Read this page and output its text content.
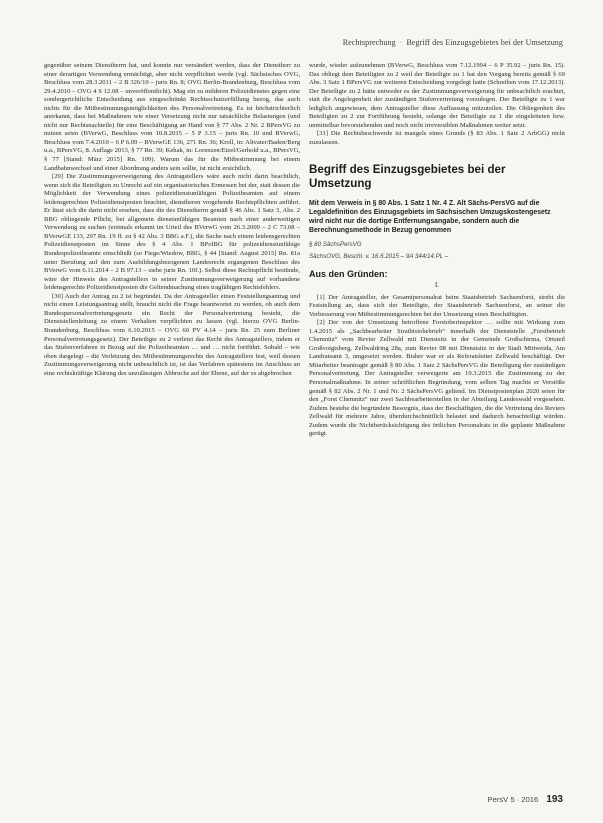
Rechtsprechung · Begriff des Einzugsgebietes bei der Umsetzung

gegenüber seinem Dienstherrn hat, und konnte nur versändert werden, dass der Dienstherr zu einer derartigen Verwendung ermächtigt, aber nicht verpflichtet werde (vgl. Sächsisches OVG, Beschluss vom 28.3.2011 – 2 B 326/10 – juris Rn. 8; OVG Berlin-Brandenburg, Beschluss vom 29.4.2010 – OVG 4 S 12.08 – unveröffentlicht). Mag ein zu milderen Polizeidienstes gegen eine sondergerichtliche Entscheidung aus eingeschränkt Rechtsschutzerfüllung bezog, das auch nichts für die Mitbestimmungsmöglichkeiten des Personalvertretung. Es ist höchstrichterlich anerkannt, dass bei Maßnahmen wie einer Versetzung nicht nur tatsächliche Belastungen (und nicht nur Rechtsnachteile) für eine Beschäftigung an Hand von § 77 Abs. 2 Nr. 2 BPersVG zu nutzen seien (BVerwG, Beschluss vom 10.8.2015 – 5 P 3.15 – juris Rn. 10 und BVerwG, Beschluss vom 7.4.2010 – 6 P 6.09 – BVerwGE 136, 271 Rn. 36; Kroll, in: Altvater/Baden/Berg u.a., BPersVG, 8. Auflage 2013, § 77 Rn. 39; Kehak, in: Lorenzen/Etzel/Gerhold u.a., BPersVG, § 77 [Stand: März 2015] Rn. 109). Warum das für die Mitbestimmung bei einem Landbahnwechsel und einer Abordnung anders sein sollte, ist nicht ersichtlich.

[29] Die Zustimmungsverweigerung des Antragstellers wäre auch nicht darin beachtlich, wenn sich die Beteiligten zu Unrecht auf ein organisatorisches Ermessen bei der, statt dessen die Möglichkeit der Verwendung eines polizeidienstunfähigen Polizeibeamten auf einem leidensgerechten Polizeidienstposten beachtet, dienstheren vorgebende Rechtspflichten anführt. Er lässt sich die darin nicht ersehen, dass die des Dienstherrn gemäß § 46 Abs. 1 Satz 3, Abs. 2 BBG obliegende Pflicht, bei allgemein dienstunfähigen Beamten nach einer anderweitigen Verwendung zu suchen (erstmals erkannt im Urteil des BVerwG vom 26.3.2009 – 2 C 73.08 – BVerwGE 133, 297 Rn. 19 ff. zu § 42 Abs. 3 BBG a.F.), die Suche nach einem leidensgerechten Polizeidienstposten im Sinne des § 4 Abs. 1 BPolBG für polizeidienstunfähige Bundespolizeibeamte einschließt (so Fiege/Wiedow, BBG, § 44 [Stand: August 2015] Rn. 81a unter Berufung auf den zum Ausbildungsbezogenen Landesrecht ergangenen Beschluss des BVerwG vom 6.11.2014 – 2 B 97.13 – siehe juris Rn. 10f.). Selbst diese Rechtspflicht bestünde, wäre der Hinweis des Antragstellers in seiner Zustimmungsverweigerung auf vorhandene leidensgerechte Polizeidienstposten die Geltendmachung eines tragfähigen Rechtsfehlers.

[30] Auch der Antrag zu 2 ist begründet. Da der Antragsteller einen Feststellungsantrag und nicht einen Leistungsantrag stellt, braucht nicht die Frage beantwortet zu werden, ob auch dem Bundespersonalvertretungsgesetz ein Recht der Personalvertretung besteht, die Dienststellenleitung zu einem Verhalten verpflichten zu lassen (vgl. hierzu OVG Berlin-Brandenburg, Beschluss vom 6.10.2015 – OVG 60 PV 4.14 – juris Rn. 25 zum Berliner Personalvertretungsgesetz). Der Beteiligte zu 2 verletzt das Recht des Antragstellers, indem er das Stufenverfahren in Bezug auf die Polizeibeamten … und … nicht fortführt. Sobald – wie oben dargelegt – die Verletzung des Mitbestimmungsrechts des Antragstellers fest, weil dessen Zustimmungsverweigerung nicht unbeachtlich ist, ist das Verfahren spätestens im Anschluss an eine rechtskräftige Klärung des unzulässigen Abbruchs auf der Ebene, auf der es abgebrochen

wurde, wieder aufzunehmen (BVerwG, Beschluss vom 7.12.1994 – 6 P 35.92 – juris Rn. 15). Das obliegt dem Beteiligten zu 2 weil der Beteiligte zu 1 hat den Vorgang bereits gemäß § 69 Abs. 3 Satz 1 BPersVG zur weiteren Entscheidung vorgelegt hatte (Schreiben vom 17.12.2013). Der Beteiligte zu 2 hätte entweder es der Zustimmungsverweigerung für unbeachtlich erachtet, statt die Angelegenheit der zuständigen Stufenvertretung vorzulegen. Der Beteiligte zu 1 war lediglich angewiesen, dem Antragsteller diese Auffassung mitzuteilen. Die Obliegenheit des Beteiligten zu 2 zur Fortführung besteht, solange der Beteiligte zu 1 die eingeleiteten bzw. unmittelbar bevorstehenden und noch nicht irreversiblen Maßnahmen weiter setzt.

[31] Die Rechtsbeschwerde ist mangels eines Grunds (§ 83 Abs. 1 Satz 2 ArbGG) nicht zuzulassen.

Begriff des Einzugsgebietes bei der Umsetzung
Mit dem Verweis in § 80 Abs. 1 Satz 1 Nr. 4 Z. Alt Sächs-PersVG auf die Legaldefinition des Einzugsgebiets im Sächsischen Umzugskostengesetz wird nicht nur die dortige Entfernungsangabe, sondern auch die Berechnungsmethode in Bezug genommen
§ 80 SächsPersVG
SächsOVG, Beschl. v. 16.6.2015 – 9A 344/14.PL –
Aus den Gründen:
I.

[1] Der Antragsteller, der Gesamtpersonalrat beim Staatsbetrieb Sachsenforst, strebt die Feststellung an, dass sich der Beteiligte, der Staatsbetrieb Sachsenforst, an seiner die Verbesserung von Mitbestimmungsrechten bei der Umsetzung eines Beschäftigten.

[2] Der von der Umsetzung betroffene Forstoberinspektor … sollte mit Wirkung zum 1.4.2015 als „Sachbearbeiter Stratbisiohebrieb“ innerhalb der Dienststelle „Forstbetrieb Chemnitz“ vom Revier Zellwald mit Dienstsitz in der Gemeinde Großschirma, Ortsteil Großvoigtsberg, Zellwaldring 28a, zum Revier 08 mit Dienstsitz in der Stadt Mittweida, Am Landratsamt 3, umgesetzt werden. Bisher war er als Referatsleiter Zellwald beschäftigt. Der Mitarbeiter beantragte gemäß § 80 Abs. 1 Satz 2 SächsPersVG die Beteiligung der zuständigen Personalvertretung. Der Antragsteller verweigerte am 19.3.2015 die Zustimmung zu der Personalmaßnahme. In seiner schriftlichen Begründung, vom selben Tag machte er Verstöße gemäß § 82 Abs. 2 Nr. 1 und Nr. 2 SächsPersVG geltend. Im Dienstpostenplan 2020 seien für den „Forst Chemnitz“ nur zwei Sachbearbeiterstellen in der Abteilung Landeswald vorgesehen. Zudem bestehe die begründete Besorgnis, dass der Beschäftigten, die die Vertretung des Reviers Zellwald für mehrere Jahre, überdurchschnittlich belastet und dadurch benachteiligt würden. Zudem wurde die Nichtberücksichtigung des örtlichen Personalrats in die geplante Maßnahme gerügt.

PersV 5 · 2016 193
